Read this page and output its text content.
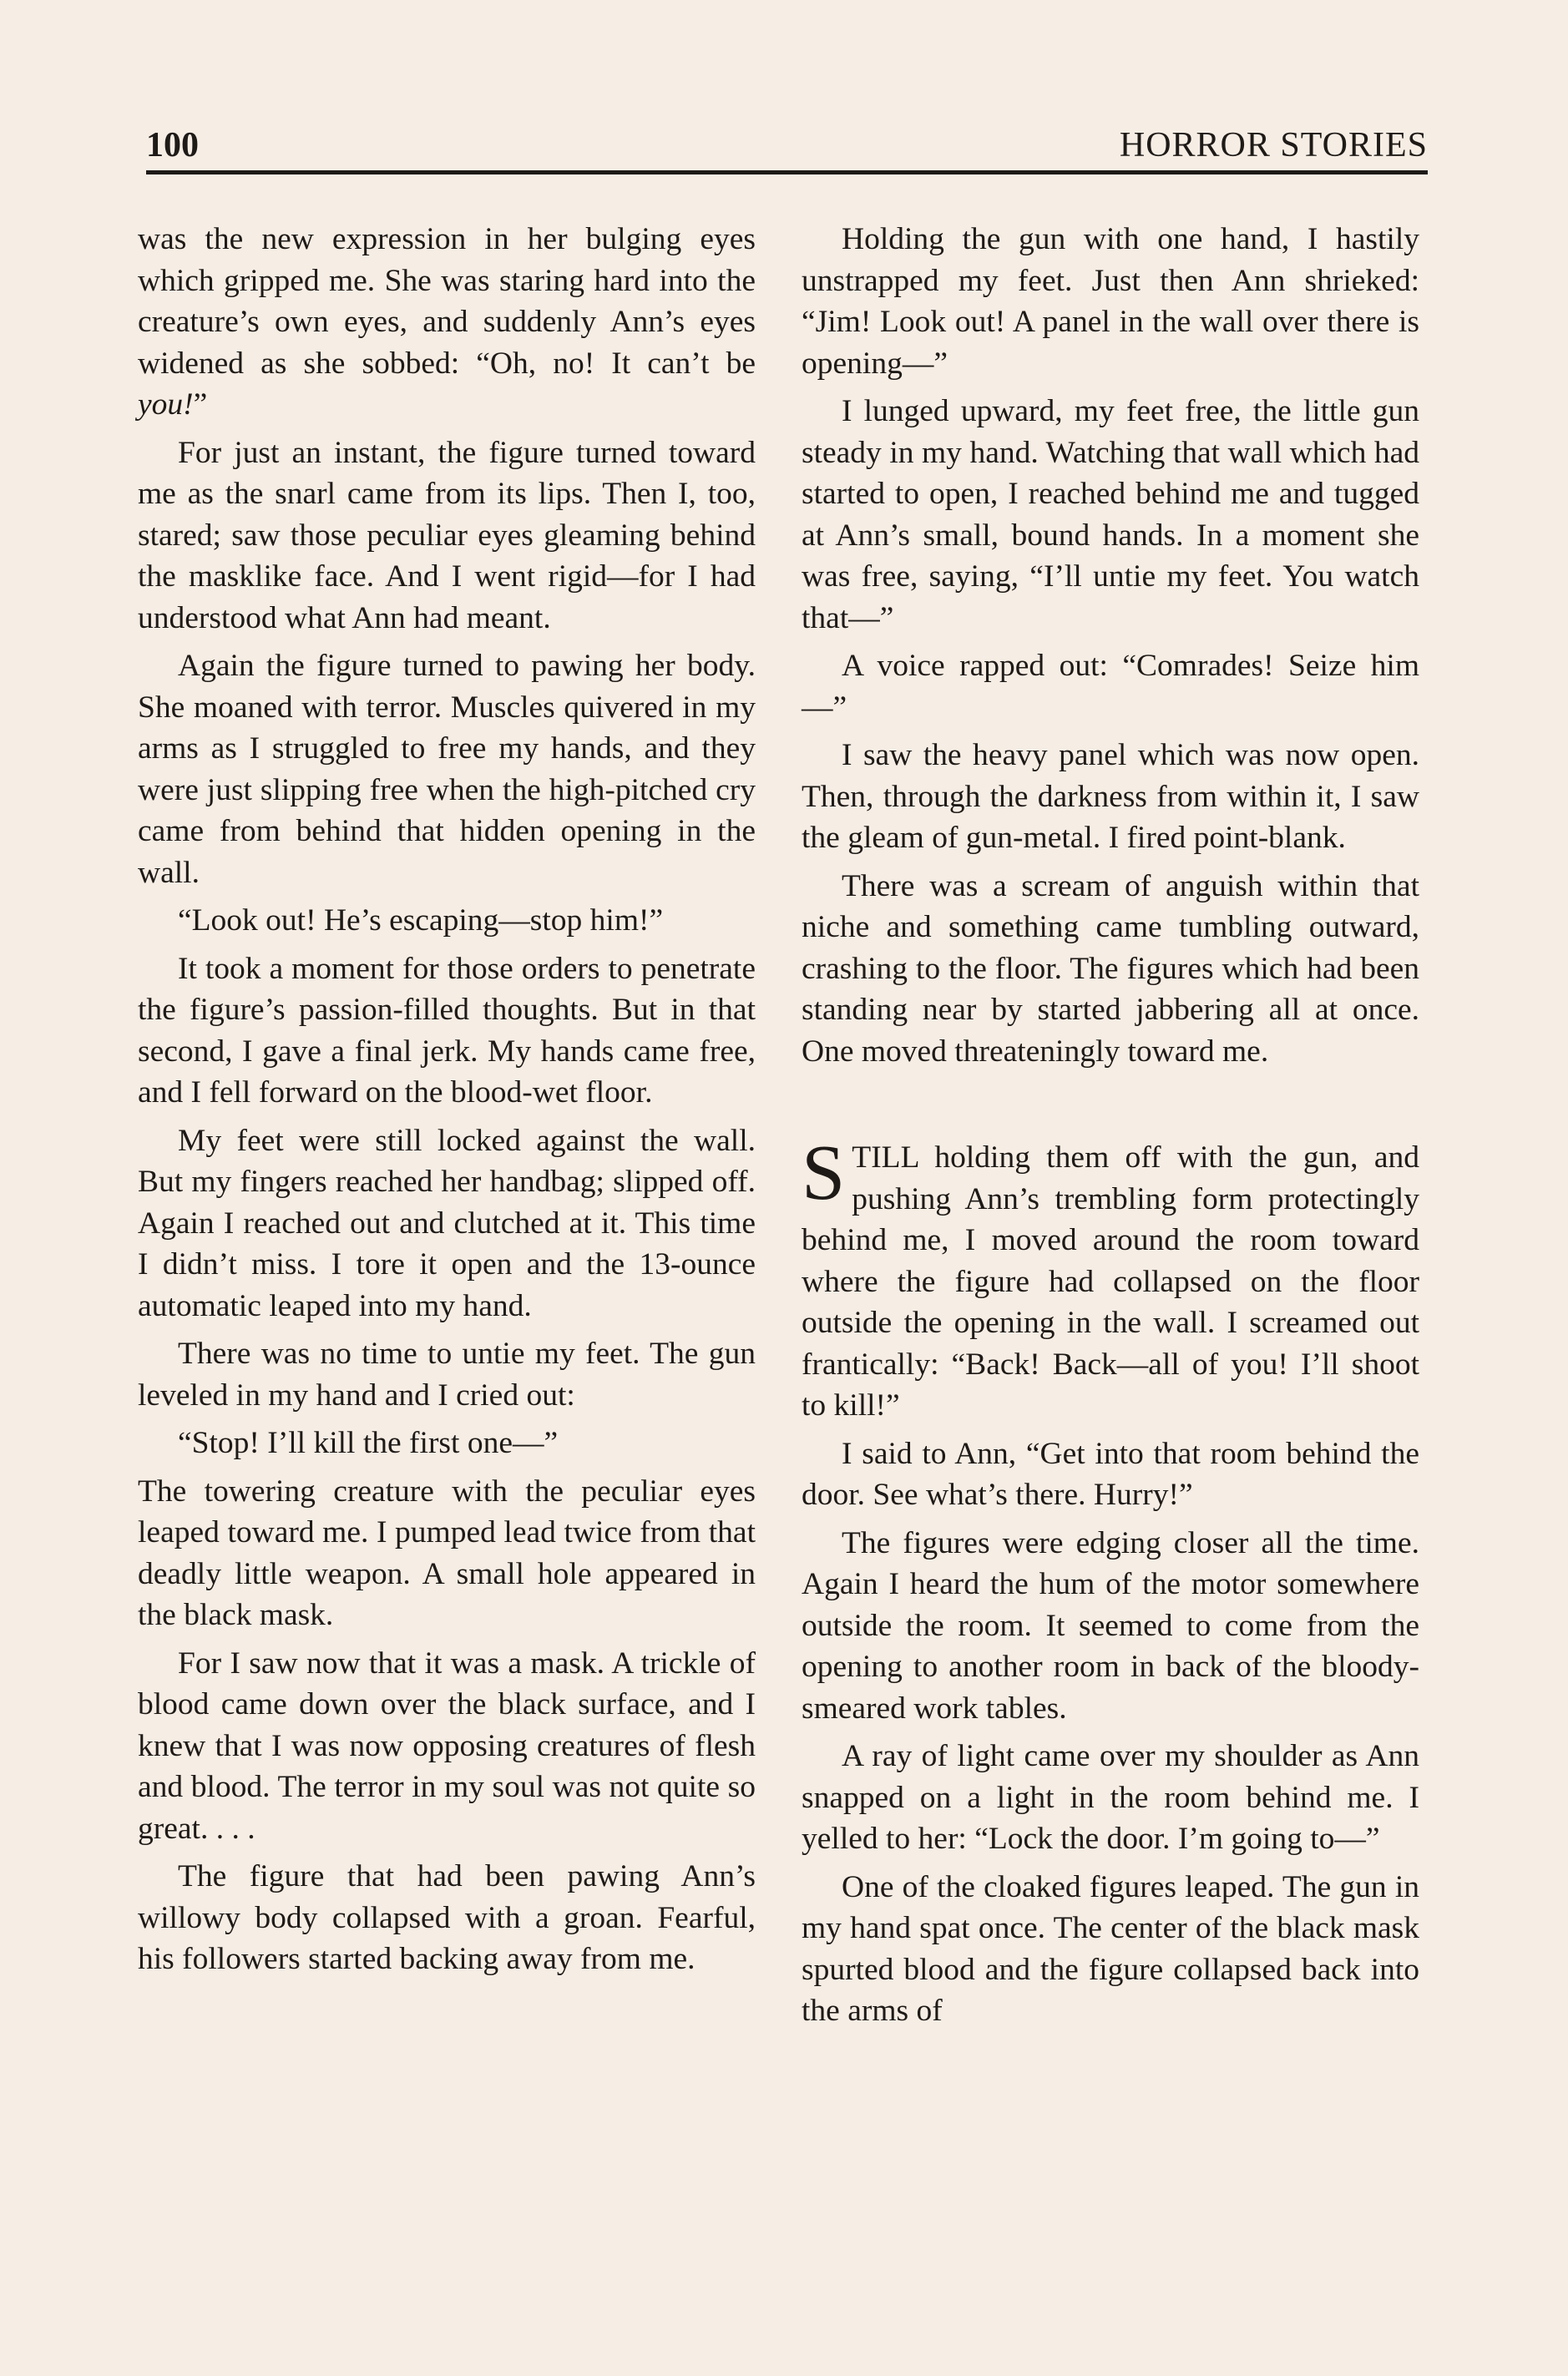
100	HORROR STORIES

was the new expression in her bulging eyes which gripped me. She was staring hard into the creature’s own eyes, and suddenly Ann’s eyes widened as she sobbed: “Oh, no! It can’t be you!”

For just an instant, the figure turned toward me as the snarl came from its lips. Then I, too, stared; saw those peculiar eyes gleaming behind the masklike face. And I went rigid—for I had understood what Ann had meant.

Again the figure turned to pawing her body. She moaned with terror. Muscles quivered in my arms as I struggled to free my hands, and they were just slipping free when the high-pitched cry came from behind that hidden opening in the wall.

“Look out! He’s escaping—stop him!”

It took a moment for those orders to penetrate the figure’s passion-filled thoughts. But in that second, I gave a final jerk. My hands came free, and I fell forward on the blood-wet floor.

My feet were still locked against the wall. But my fingers reached her handbag; slipped off. Again I reached out and clutched at it. This time I didn’t miss. I tore it open and the 13-ounce automatic leaped into my hand.

There was no time to untie my feet. The gun leveled in my hand and I cried out:

“Stop! I’ll kill the first one—”

The towering creature with the peculiar eyes leaped toward me. I pumped lead twice from that deadly little weapon. A small hole appeared in the black mask.

For I saw now that it was a mask. A trickle of blood came down over the black surface, and I knew that I was now opposing creatures of flesh and blood. The terror in my soul was not quite so great. . . .

The figure that had been pawing Ann’s willowy body collapsed with a groan. Fearful, his followers started backing away from me.

Holding the gun with one hand, I hastily unstrapped my feet. Just then Ann shrieked: “Jim! Look out! A panel in the wall over there is opening—”

I lunged upward, my feet free, the little gun steady in my hand. Watching that wall which had started to open, I reached behind me and tugged at Ann’s small, bound hands. In a moment she was free, saying, “I’ll untie my feet. You watch that—”

A voice rapped out: “Comrades! Seize him—”

I saw the heavy panel which was now open. Then, through the darkness from within it, I saw the gleam of gun-metal. I fired point-blank.

There was a scream of anguish within that niche and something came tumbling outward, crashing to the floor. The figures which had been standing near by started jabbering all at once. One moved threateningly toward me.

STILL holding them off with the gun, and pushing Ann’s trembling form protectingly behind me, I moved around the room toward where the figure had collapsed on the floor outside the opening in the wall. I screamed out frantically: “Back! Back—all of you! I’ll shoot to kill!”

I said to Ann, “Get into that room behind the door. See what’s there. Hurry!”

The figures were edging closer all the time. Again I heard the hum of the motor somewhere outside the room. It seemed to come from the opening to another room in back of the bloody-smeared work tables.

A ray of light came over my shoulder as Ann snapped on a light in the room behind me. I yelled to her: “Lock the door. I’m going to—”

One of the cloaked figures leaped. The gun in my hand spat once. The center of the black mask spurted blood and the figure collapsed back into the arms of
